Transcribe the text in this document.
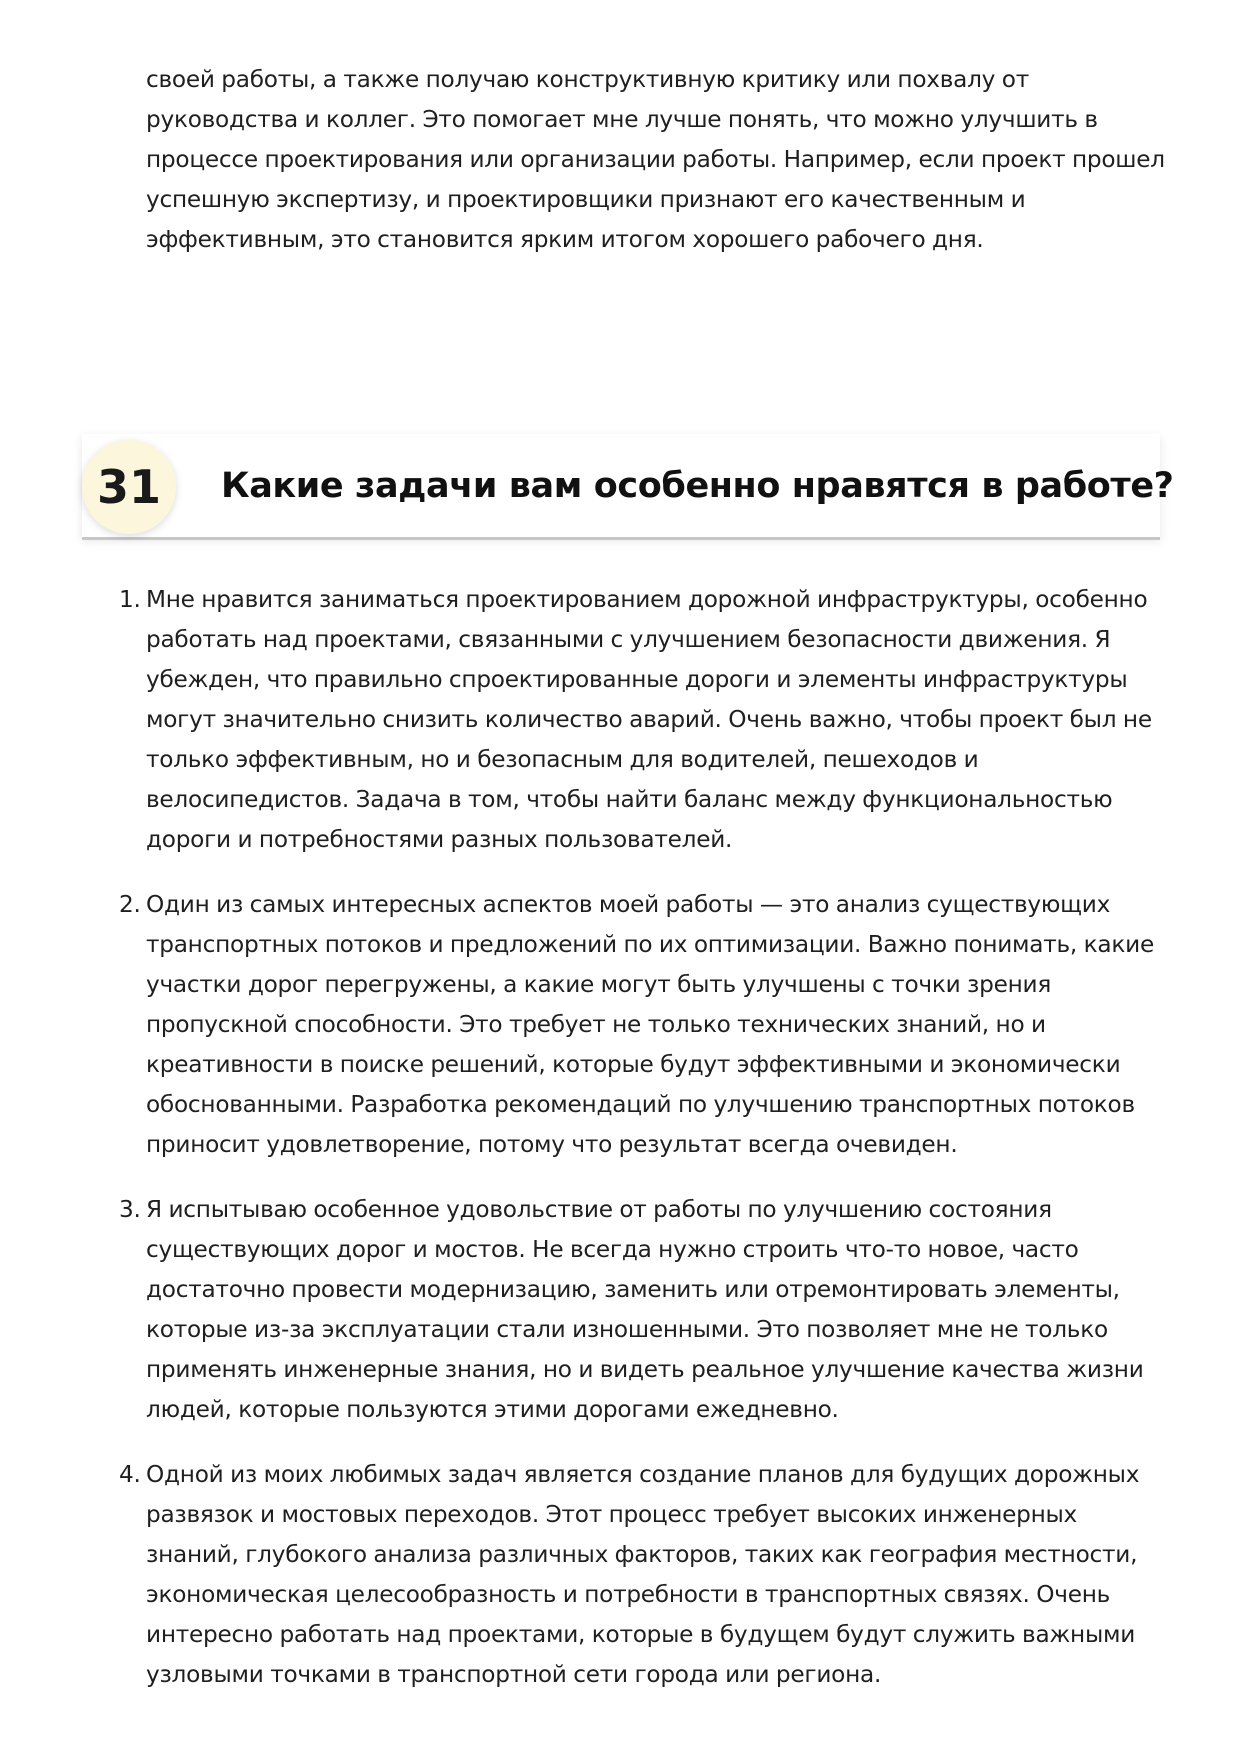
своей работы, а также получаю конструктивную критику или похвалу от руководства и коллег. Это помогает мне лучше понять, что можно улучшить в процессе проектирования или организации работы. Например, если проект прошел успешную экспертизу, и проектировщики признают его качественным и эффективным, это становится ярким итогом хорошего рабочего дня.

31	Какие задачи вам особенно нравятся в работе?
1. Мне нравится заниматься проектированием дорожной инфраструктуры, особенно работать над проектами, связанными с улучшением безопасности движения. Я убежден, что правильно спроектированные дороги и элементы инфраструктуры могут значительно снизить количество аварий. Очень важно, чтобы проект был не только эффективным, но и безопасным для водителей, пешеходов и велосипедистов. Задача в том, чтобы найти баланс между функциональностью дороги и потребностями разных пользователей.
2. Один из самых интересных аспектов моей работы — это анализ существующих транспортных потоков и предложений по их оптимизации. Важно понимать, какие участки дорог перегружены, а какие могут быть улучшены с точки зрения пропускной способности. Это требует не только технических знаний, но и креативности в поиске решений, которые будут эффективными и экономически обоснованными. Разработка рекомендаций по улучшению транспортных потоков приносит удовлетворение, потому что результат всегда очевиден.
3. Я испытываю особенное удовольствие от работы по улучшению состояния существующих дорог и мостов. Не всегда нужно строить что-то новое, часто достаточно провести модернизацию, заменить или отремонтировать элементы, которые из-за эксплуатации стали изношенными. Это позволяет мне не только применять инженерные знания, но и видеть реальное улучшение качества жизни людей, которые пользуются этими дорогами ежедневно.
4. Одной из моих любимых задач является создание планов для будущих дорожных развязок и мостовых переходов. Этот процесс требует высоких инженерных знаний, глубокого анализа различных факторов, таких как география местности, экономическая целесообразность и потребности в транспортных связях. Очень интересно работать над проектами, которые в будущем будут служить важными узловыми точками в транспортной сети города или региона.
